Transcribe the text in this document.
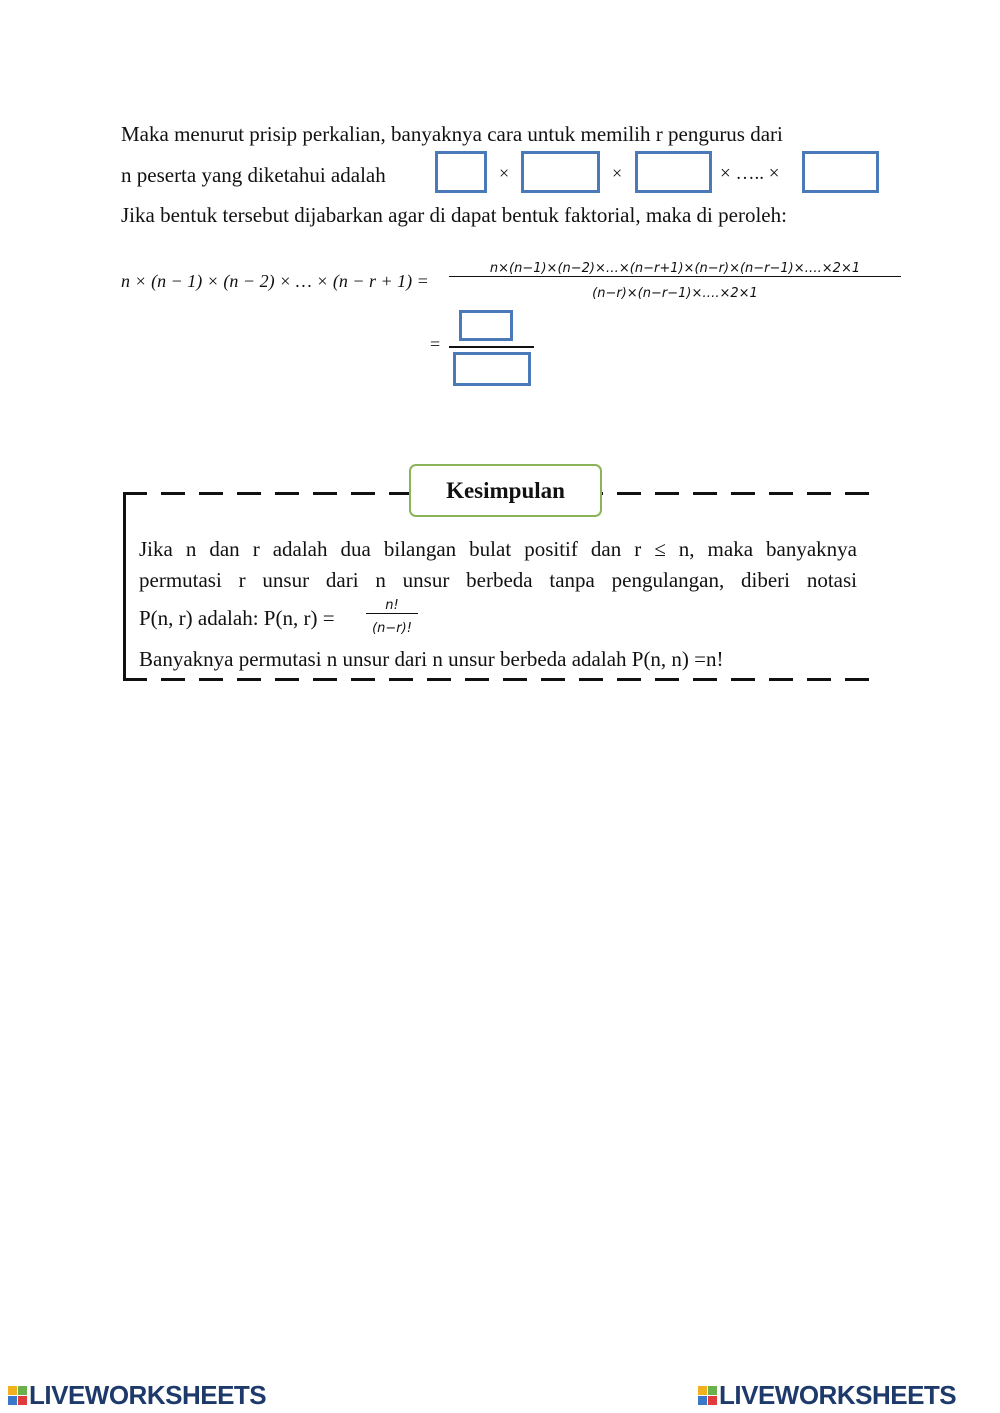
Maka menurut prisip perkalian, banyaknya cara untuk memilih r pengurus dari
n peserta yang diketahui adalah	×	×	× ….. ×
Jika bentuk tersebut dijabarkan agar di dapat bentuk faktorial, maka di peroleh:
n × (n − 1) × (n − 2) × … × (n − r + 1) =
n×(n−1)×(n−2)×…×(n−r+1)×(n−r)×(n−r−1)×….×2×1
(n−r)×(n−r−1)×….×2×1
=
Kesimpulan
Jika n dan r adalah dua bilangan bulat positif dan r ≤ n, maka banyaknya
permutasi r unsur dari n unsur berbeda tanpa pengulangan, diberi notasi
P(n, r) adalah: P(n, r) =
n!
(n−r)!
Banyaknya permutasi n unsur dari n unsur berbeda adalah P(n, n) =n!
LIVEWORKSHEETS	LIVEWORKSHEETS
